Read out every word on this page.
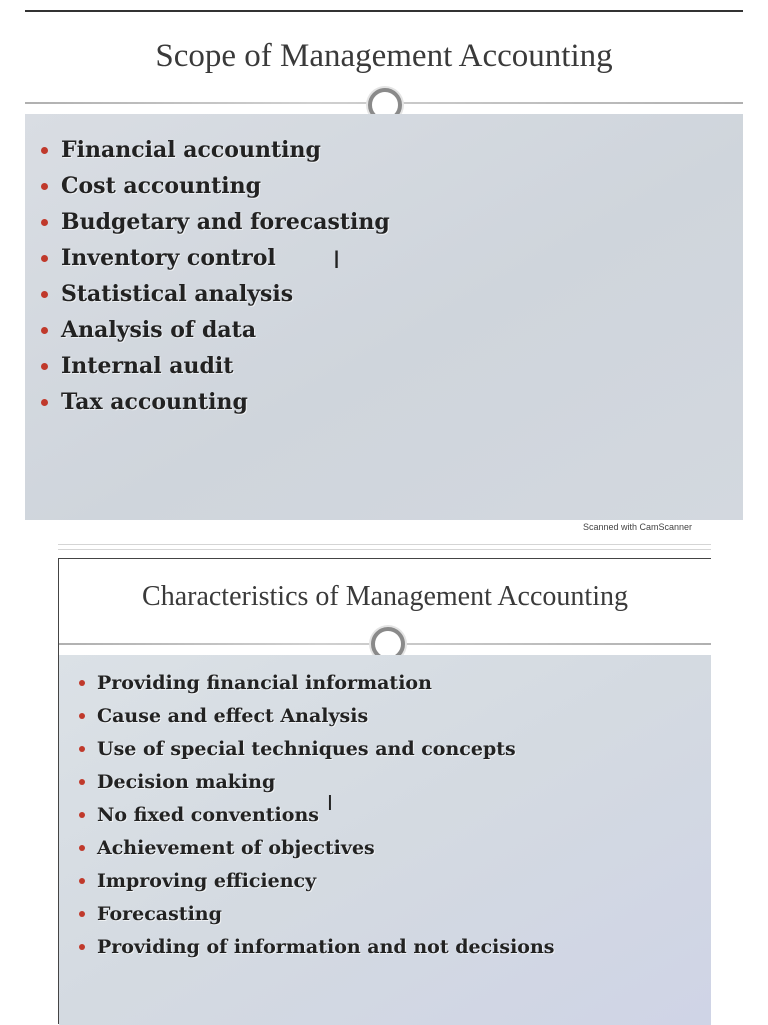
Scope of Management Accounting
Financial accounting
Cost accounting
Budgetary and forecasting
Inventory control
Statistical analysis
Analysis of data
Internal audit
Tax accounting
I
Scanned with CamScanner
Characteristics of Management Accounting
Providing financial information
Cause and effect Analysis
Use of special techniques and concepts
Decision making
No fixed conventions
Achievement of objectives
Improving efficiency
Forecasting
Providing of information and not decisions
I
